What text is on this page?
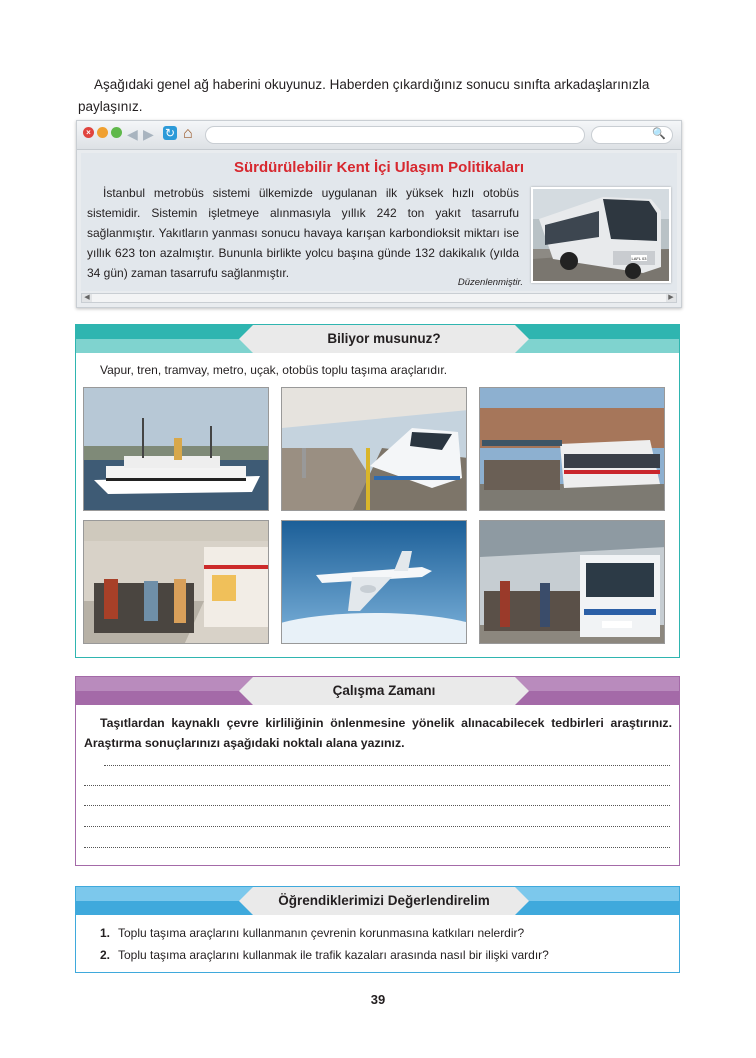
Aşağıdaki genel ağ haberini okuyunuz. Haberden çıkardığınız sonucu sınıfta arkadaşlarınızla paylaşınız.
×	◀ ▶ ↻ ⌂	🔍
Sürdürülebilir Kent İçi Ulaşım Politikaları
İstanbul metrobüs sistemi ülkemizde uygulanan ilk yüksek hızlı otobüs sistemidir. Sistemin işletmeye alınmasıyla yıllık 242 ton yakıt tasarrufu sağlanmıştır. Yakıtların yanması sonucu havaya karışan karbondioksit miktarı ise yıllık 623 ton azalmıştır. Bununla birlikte yolcu başına günde 132 dakikalık (yılda 34 gün) zaman tasarrufu sağlanmıştır.
Düzenlenmiştir.
LAFL 03
◀	▶
Biliyor musunuz?
Vapur, tren, tramvay, metro, uçak, otobüs toplu taşıma araçlarıdır.
Çalışma Zamanı
Taşıtlardan kaynaklı çevre kirliliğinin önlenmesine yönelik alınacabilecek tedbirleri araştırınız. Araştırma sonuçlarınızı aşağıdaki noktalı alana yazınız.
Öğrendiklerimizi Değerlendirelim
1. Toplu taşıma araçlarını kullanmanın çevrenin korunmasına katkıları nelerdir?
2. Toplu taşıma araçlarını kullanmak ile trafik kazaları arasında nasıl bir ilişki vardır?
39
